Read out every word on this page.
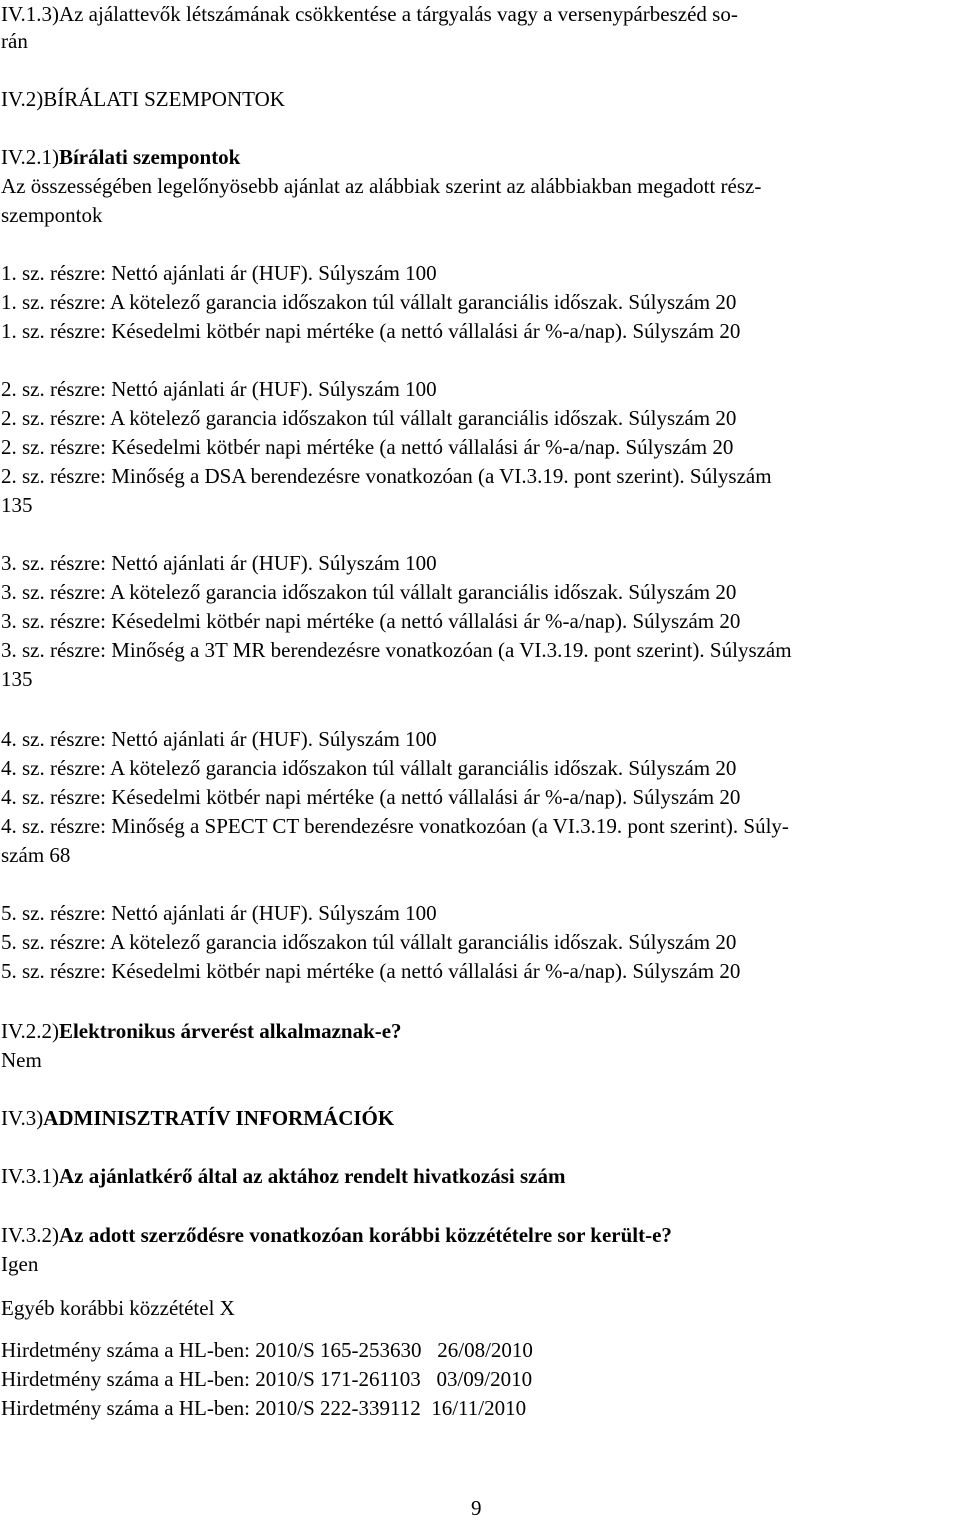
IV.1.3)Az ajálattevők létszámának csökkentése a tárgyalás vagy a versenypárbeszéd so-
rán
IV.2)BÍRÁLATI SZEMPONTOK
IV.2.1)Bírálati szempontok
Az összességében legelőnyösebb ajánlat az alábbiak szerint az alábbiakban megadott rész-
szempontok
1. sz. részre: Nettó ajánlati ár (HUF). Súlyszám 100
1. sz. részre: A kötelező garancia időszakon túl vállalt garanciális időszak. Súlyszám 20
1. sz. részre: Késedelmi kötbér napi mértéke (a nettó vállalási ár %-a/nap). Súlyszám 20
2. sz. részre: Nettó ajánlati ár (HUF). Súlyszám 100
2. sz. részre: A kötelező garancia időszakon túl vállalt garanciális időszak. Súlyszám 20
2. sz. részre: Késedelmi kötbér napi mértéke (a nettó vállalási ár %-a/nap. Súlyszám 20
2. sz. részre: Minőség a DSA berendezésre vonatkozóan (a VI.3.19. pont szerint). Súlyszám
135
3. sz. részre: Nettó ajánlati ár (HUF). Súlyszám 100
3. sz. részre: A kötelező garancia időszakon túl vállalt garanciális időszak. Súlyszám 20
3. sz. részre: Késedelmi kötbér napi mértéke (a nettó vállalási ár %-a/nap). Súlyszám 20
3. sz. részre: Minőség a 3T MR berendezésre vonatkozóan (a VI.3.19. pont szerint). Súlyszám
135
4. sz. részre: Nettó ajánlati ár (HUF). Súlyszám 100
4. sz. részre: A kötelező garancia időszakon túl vállalt garanciális időszak. Súlyszám 20
4. sz. részre: Késedelmi kötbér napi mértéke (a nettó vállalási ár %-a/nap). Súlyszám 20
4. sz. részre: Minőség a SPECT CT berendezésre vonatkozóan (a VI.3.19. pont szerint). Súly-
szám 68
5. sz. részre: Nettó ajánlati ár (HUF). Súlyszám 100
5. sz. részre: A kötelező garancia időszakon túl vállalt garanciális időszak. Súlyszám 20
5. sz. részre: Késedelmi kötbér napi mértéke (a nettó vállalási ár %-a/nap). Súlyszám 20
IV.2.2)Elektronikus árverést alkalmaznak-e?
Nem
IV.3)ADMINISZTRATÍV INFORMÁCIÓK
IV.3.1)Az ajánlatkérő által az aktához rendelt hivatkozási szám
IV.3.2)Az adott szerződésre vonatkozóan korábbi közzétételre sor került-e?
Igen
Egyéb korábbi közzététel X
Hirdetmény száma a HL-ben: 2010/S 165-253630   26/08/2010
Hirdetmény száma a HL-ben: 2010/S 171-261103   03/09/2010
Hirdetmény száma a HL-ben: 2010/S 222-339112  16/11/2010
9
